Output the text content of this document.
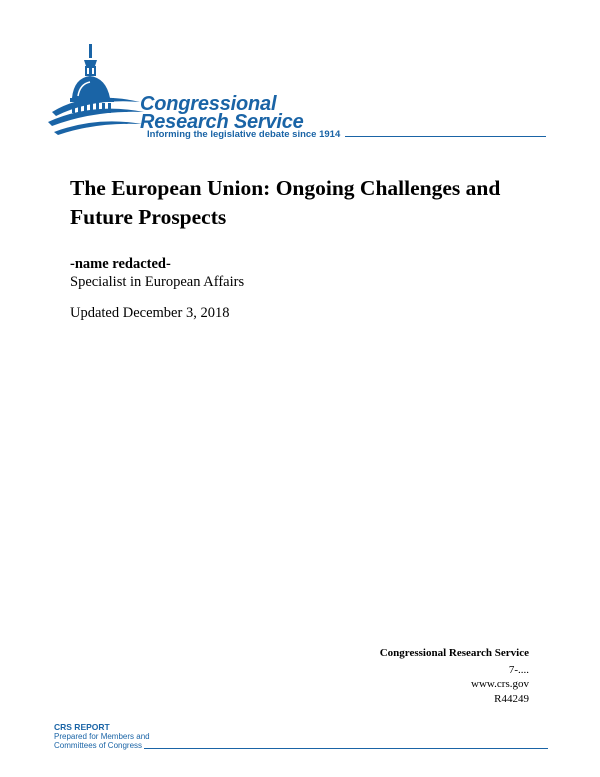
Congressional
Research Service
Informing the legislative debate since 1914
The European Union: Ongoing Challenges and Future Prospects
-name redacted-
Specialist in European Affairs
Updated December 3, 2018
Congressional Research Service
7-....
www.crs.gov
R44249
CRS REPORT
Prepared for Members and
Committees of Congress
